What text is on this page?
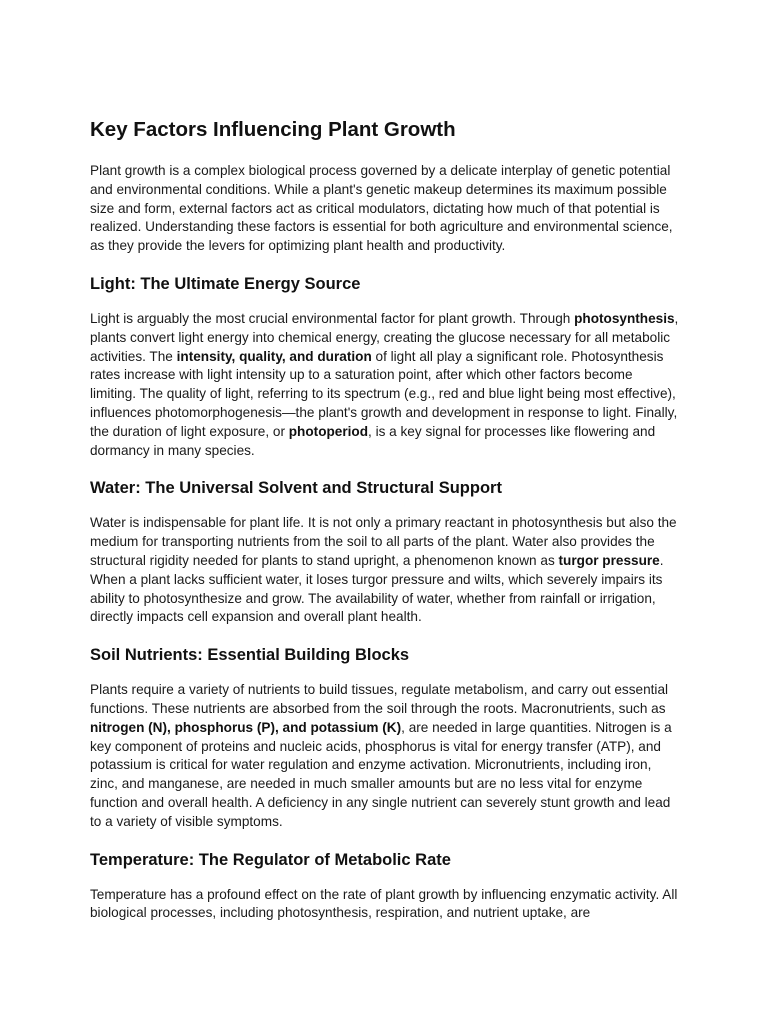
Key Factors Influencing Plant Growth

Plant growth is a complex biological process governed by a delicate interplay of genetic potential and environmental conditions. While a plant's genetic makeup determines its maximum possible size and form, external factors act as critical modulators, dictating how much of that potential is realized. Understanding these factors is essential for both agriculture and environmental science, as they provide the levers for optimizing plant health and productivity.

Light: The Ultimate Energy Source

Light is arguably the most crucial environmental factor for plant growth. Through photosynthesis, plants convert light energy into chemical energy, creating the glucose necessary for all metabolic activities. The intensity, quality, and duration of light all play a significant role. Photosynthesis rates increase with light intensity up to a saturation point, after which other factors become limiting. The quality of light, referring to its spectrum (e.g., red and blue light being most effective), influences photomorphogenesis—the plant's growth and development in response to light. Finally, the duration of light exposure, or photoperiod, is a key signal for processes like flowering and dormancy in many species.

Water: The Universal Solvent and Structural Support

Water is indispensable for plant life. It is not only a primary reactant in photosynthesis but also the medium for transporting nutrients from the soil to all parts of the plant. Water also provides the structural rigidity needed for plants to stand upright, a phenomenon known as turgor pressure. When a plant lacks sufficient water, it loses turgor pressure and wilts, which severely impairs its ability to photosynthesize and grow. The availability of water, whether from rainfall or irrigation, directly impacts cell expansion and overall plant health.

Soil Nutrients: Essential Building Blocks

Plants require a variety of nutrients to build tissues, regulate metabolism, and carry out essential functions. These nutrients are absorbed from the soil through the roots. Macronutrients, such as nitrogen (N), phosphorus (P), and potassium (K), are needed in large quantities. Nitrogen is a key component of proteins and nucleic acids, phosphorus is vital for energy transfer (ATP), and potassium is critical for water regulation and enzyme activation. Micronutrients, including iron, zinc, and manganese, are needed in much smaller amounts but are no less vital for enzyme function and overall health. A deficiency in any single nutrient can severely stunt growth and lead to a variety of visible symptoms.

Temperature: The Regulator of Metabolic Rate

Temperature has a profound effect on the rate of plant growth by influencing enzymatic activity. All biological processes, including photosynthesis, respiration, and nutrient uptake, are
